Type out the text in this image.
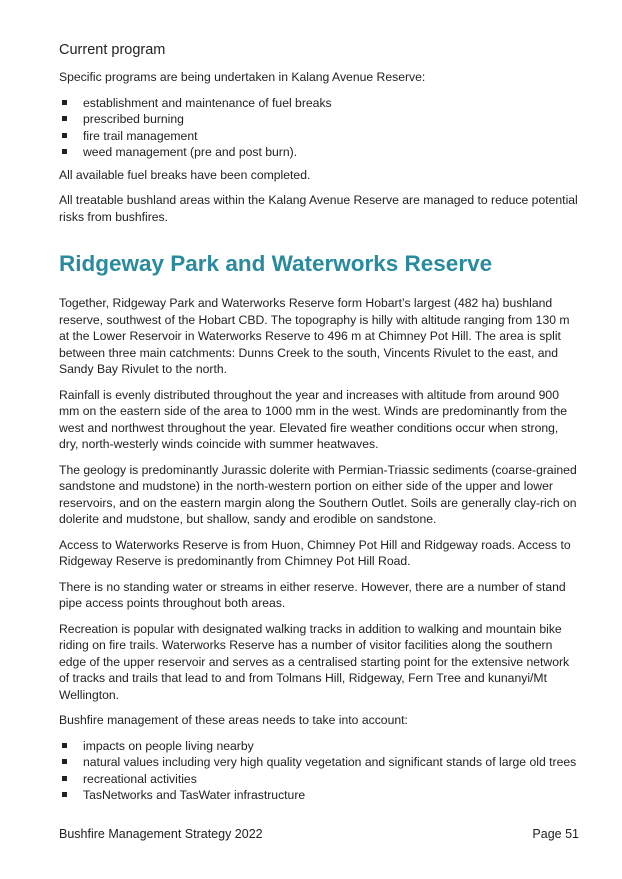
Current program

Specific programs are being undertaken in Kalang Avenue Reserve:

establishment and maintenance of fuel breaks
prescribed burning
fire trail management
weed management (pre and post burn).

All available fuel breaks have been completed.

All treatable bushland areas within the Kalang Avenue Reserve are managed to reduce potential risks from bushfires.

Ridgeway Park and Waterworks Reserve

Together, Ridgeway Park and Waterworks Reserve form Hobart’s largest (482 ha) bushland reserve, southwest of the Hobart CBD. The topography is hilly with altitude ranging from 130 m at the Lower Reservoir in Waterworks Reserve to 496 m at Chimney Pot Hill. The area is split between three main catchments: Dunns Creek to the south, Vincents Rivulet to the east, and Sandy Bay Rivulet to the north.

Rainfall is evenly distributed throughout the year and increases with altitude from around 900 mm on the eastern side of the area to 1000 mm in the west. Winds are predominantly from the west and northwest throughout the year. Elevated fire weather conditions occur when strong, dry, north-westerly winds coincide with summer heatwaves.

The geology is predominantly Jurassic dolerite with Permian-Triassic sediments (coarse-grained sandstone and mudstone) in the north-western portion on either side of the upper and lower reservoirs, and on the eastern margin along the Southern Outlet. Soils are generally clay-rich on dolerite and mudstone, but shallow, sandy and erodible on sandstone.

Access to Waterworks Reserve is from Huon, Chimney Pot Hill and Ridgeway roads. Access to Ridgeway Reserve is predominantly from Chimney Pot Hill Road.

There is no standing water or streams in either reserve. However, there are a number of stand pipe access points throughout both areas.

Recreation is popular with designated walking tracks in addition to walking and mountain bike riding on fire trails. Waterworks Reserve has a number of visitor facilities along the southern edge of the upper reservoir and serves as a centralised starting point for the extensive network of tracks and trails that lead to and from Tolmans Hill, Ridgeway, Fern Tree and kunanyi/Mt Wellington.

Bushfire management of these areas needs to take into account:

impacts on people living nearby
natural values including very high quality vegetation and significant stands of large old trees
recreational activities
TasNetworks and TasWater infrastructure
Bushfire Management Strategy 2022	Page 51
